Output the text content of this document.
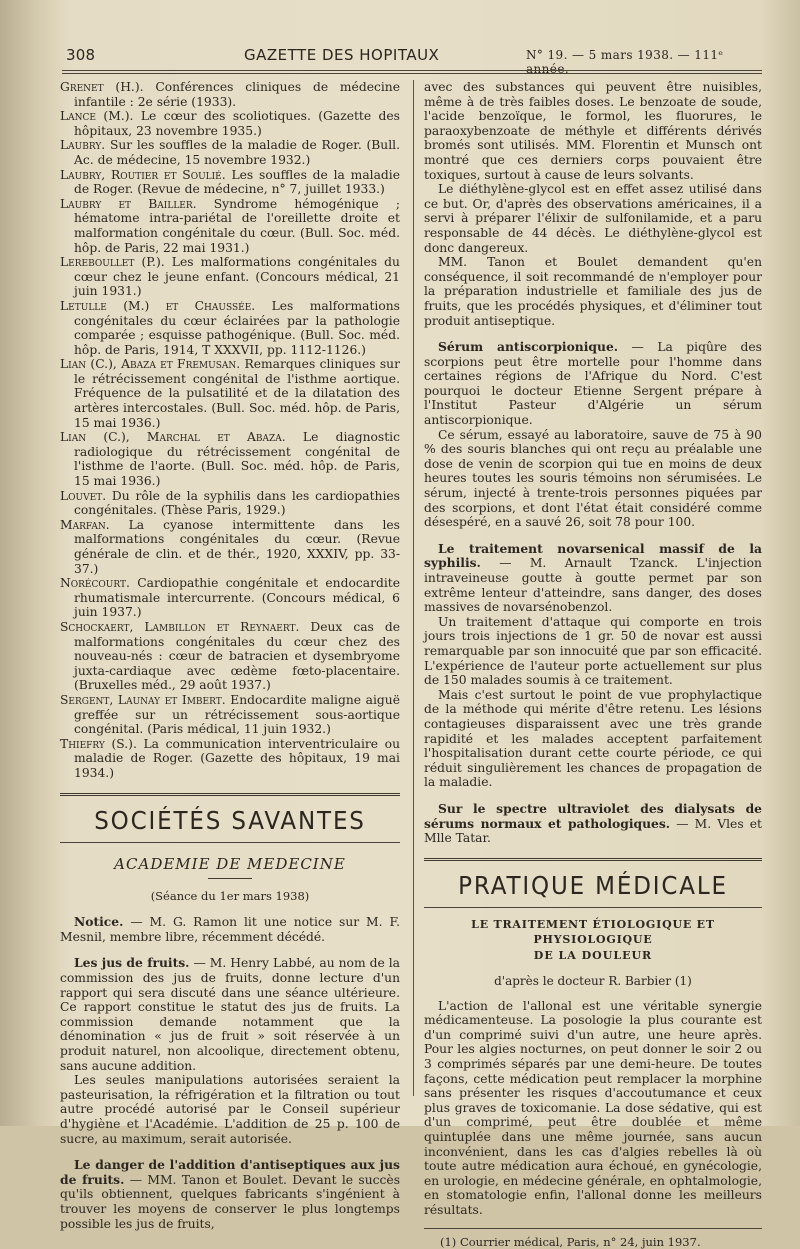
308	GAZETTE DES HOPITAUX	N° 19. — 5 mars 1938. — 111ᵉ année.

Grenet (H.). Conférences cliniques de médecine infantile : 2e série (1933).

Lance (M.). Le cœur des scoliotiques. (Gazette des hôpitaux, 23 novembre 1935.)

Laubry. Sur les souffles de la maladie de Roger. (Bull. Ac. de médecine, 15 novembre 1932.)

Laubry, Routier et Soulié. Les souffles de la maladie de Roger. (Revue de médecine, n° 7, juillet 1933.)

Laubry et Bailler. Syndrome hémogénique ; hématome intra-pariétal de l'oreillette droite et malformation congénitale du cœur. (Bull. Soc. méd. hôp. de Paris, 22 mai 1931.)

Lereboullet (P.). Les malformations congénitales du cœur chez le jeune enfant. (Concours médical, 21 juin 1931.)

Letulle (M.) et Chaussée. Les malformations congénitales du cœur éclairées par la pathologie comparée ; esquisse pathogénique. (Bull. Soc. méd. hôp. de Paris, 1914, T XXXVII, pp. 1112-1126.)

Lian (C.), Abaza et Fremusan. Remarques cliniques sur le rétrécissement congénital de l'isthme aortique. Fréquence de la pulsatilité et de la dilatation des artères intercostales. (Bull. Soc. méd. hôp. de Paris, 15 mai 1936.)

Lian (C.), Marchal et Abaza. Le diagnostic radiologique du rétrécissement congénital de l'isthme de l'aorte. (Bull. Soc. méd. hôp. de Paris, 15 mai 1936.)

Louvet. Du rôle de la syphilis dans les cardiopathies congénitales. (Thèse Paris, 1929.)

Marfan. La cyanose intermittente dans les malformations congénitales du cœur. (Revue générale de clin. et de thér., 1920, XXXIV, pp. 33-37.)

Norécourt. Cardiopathie congénitale et endocardite rhumatismale intercurrente. (Concours médical, 6 juin 1937.)

Schockaert, Lambillon et Reynaert. Deux cas de malformations congénitales du cœur chez des nouveau-nés : cœur de batracien et dysembryome juxta-cardiaque avec œdème fœto-placentaire. (Bruxelles méd., 29 août 1937.)

Sergent, Launay et Imbert. Endocardite maligne aiguë greffée sur un rétrécissement sous-aortique congénital. (Paris médical, 11 juin 1932.)

Thiefry (S.). La communication interventriculaire ou maladie de Roger. (Gazette des hôpitaux, 19 mai 1934.)

SOCIÉTÉS SAVANTES
ACADEMIE DE MEDECINE
(Séance du 1er mars 1938)

Notice. — M. G. Ramon lit une notice sur M. F. Mesnil, membre libre, récemment décédé.

Les jus de fruits. — M. Henry Labbé, au nom de la commission des jus de fruits, donne lecture d'un rapport qui sera discuté dans une séance ultérieure. Ce rapport constitue le statut des jus de fruits. La commission demande notamment que la dénomination « jus de fruit » soit réservée à un produit naturel, non alcoolique, directement obtenu, sans aucune addition.

Les seules manipulations autorisées seraient la pasteurisation, la réfrigération et la filtration ou tout autre procédé autorisé par le Conseil supérieur d'hygiène et l'Académie. L'addition de 25 p. 100 de sucre, au maximum, serait autorisée.

Le danger de l'addition d'antiseptiques aux jus de fruits. — MM. Tanon et Boulet. Devant le succès qu'ils obtiennent, quelques fabricants s'ingénient à trouver les moyens de conserver le plus longtemps possible les jus de fruits,

avec des substances qui peuvent être nuisibles, même à de très faibles doses. Le benzoate de soude, l'acide benzoïque, le formol, les fluorures, le paraoxybenzoate de méthyle et différents dérivés bromés sont utilisés. MM. Florentin et Munsch ont montré que ces derniers corps pouvaient être toxiques, surtout à cause de leurs solvants.

Le diéthylène-glycol est en effet assez utilisé dans ce but. Or, d'après des observations américaines, il a servi à préparer l'élixir de sulfonilamide, et a paru responsable de 44 décès. Le diéthylène-glycol est donc dangereux.

MM. Tanon et Boulet demandent qu'en conséquence, il soit recommandé de n'employer pour la préparation industrielle et familiale des jus de fruits, que les procédés physiques, et d'éliminer tout produit antiseptique.

Sérum antiscorpionique. — La piqûre des scorpions peut être mortelle pour l'homme dans certaines régions de l'Afrique du Nord. C'est pourquoi le docteur Etienne Sergent prépare à l'Institut Pasteur d'Algérie un sérum antiscorpionique.

Ce sérum, essayé au laboratoire, sauve de 75 à 90 % des souris blanches qui ont reçu au préalable une dose de venin de scorpion qui tue en moins de deux heures toutes les souris témoins non sérumisées. Le sérum, injecté à trente-trois personnes piquées par des scorpions, et dont l'état était considéré comme désespéré, en a sauvé 26, soit 78 pour 100.

Le traitement novarsenical massif de la syphilis. — M. Arnault Tzanck. L'injection intraveineuse goutte à goutte permet par son extrême lenteur d'atteindre, sans danger, des doses massives de novarsénobenzol.

Un traitement d'attaque qui comporte en trois jours trois injections de 1 gr. 50 de novar est aussi remarquable par son innocuité que par son efficacité. L'expérience de l'auteur porte actuellement sur plus de 150 malades soumis à ce traitement.

Mais c'est surtout le point de vue prophylactique de la méthode qui mérite d'être retenu. Les lésions contagieuses disparaissent avec une très grande rapidité et les malades acceptent parfaitement l'hospitalisation durant cette courte période, ce qui réduit singulièrement les chances de propagation de la maladie.

Sur le spectre ultraviolet des dialysats de sérums normaux et pathologiques. — M. Vles et Mlle Tatar.

PRATIQUE MÉDICALE
LE TRAITEMENT ÉTIOLOGIQUE ET PHYSIOLOGIQUE
DE LA DOULEUR
d'après le docteur R. Barbier (1)

L'action de l'allonal est une véritable synergie médicamenteuse. La posologie la plus courante est d'un comprimé suivi d'un autre, une heure après. Pour les algies nocturnes, on peut donner le soir 2 ou 3 comprimés séparés par une demi-heure. De toutes façons, cette médication peut remplacer la morphine sans présenter les risques d'accoutumance et ceux plus graves de toxicomanie. La dose sédative, qui est d'un comprimé, peut être doublée et même quintuplée dans une même journée, sans aucun inconvénient, dans les cas d'algies rebelles là où toute autre médication aura échoué, en gynécologie, en urologie, en médecine générale, en ophtalmologie, en stomatologie enfin, l'allonal donne les meilleurs résultats.

(1) Courrier médical, Paris, n° 24, juin 1937.
